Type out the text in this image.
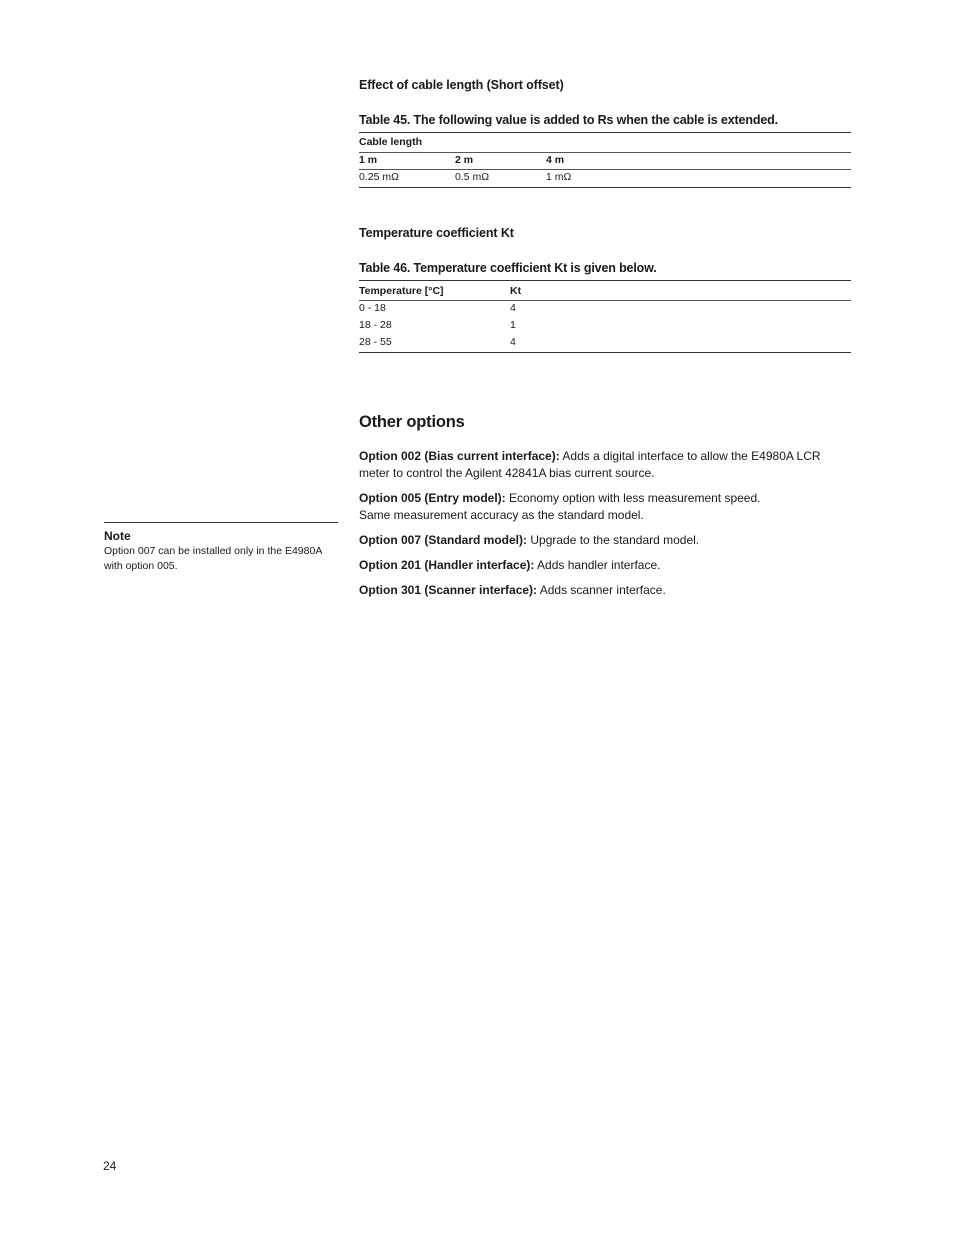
Effect of cable length (Short offset)
Table 45. The following value is added to Rs when the cable is extended.
Cable length
1 m	2 m	4 m
0.25 mΩ	0.5 mΩ	1 mΩ
Temperature coefficient Kt
Table 46. Temperature coefficient Kt is given below.
Temperature [°C]	Kt
0 - 18	4
18 - 28	1
28 - 55	4
Other options
Option 002 (Bias current interface): Adds a digital interface to allow the E4980A LCR meter to control the Agilent 42841A bias current source.
Option 005 (Entry model): Economy option with less measurement speed.
Same measurement accuracy as the standard model.
Option 007 (Standard model): Upgrade to the standard model.
Option 201 (Handler interface): Adds handler interface.
Option 301 (Scanner interface): Adds scanner interface.
Note
Option 007 can be installed only in the E4980A with option 005.
24
